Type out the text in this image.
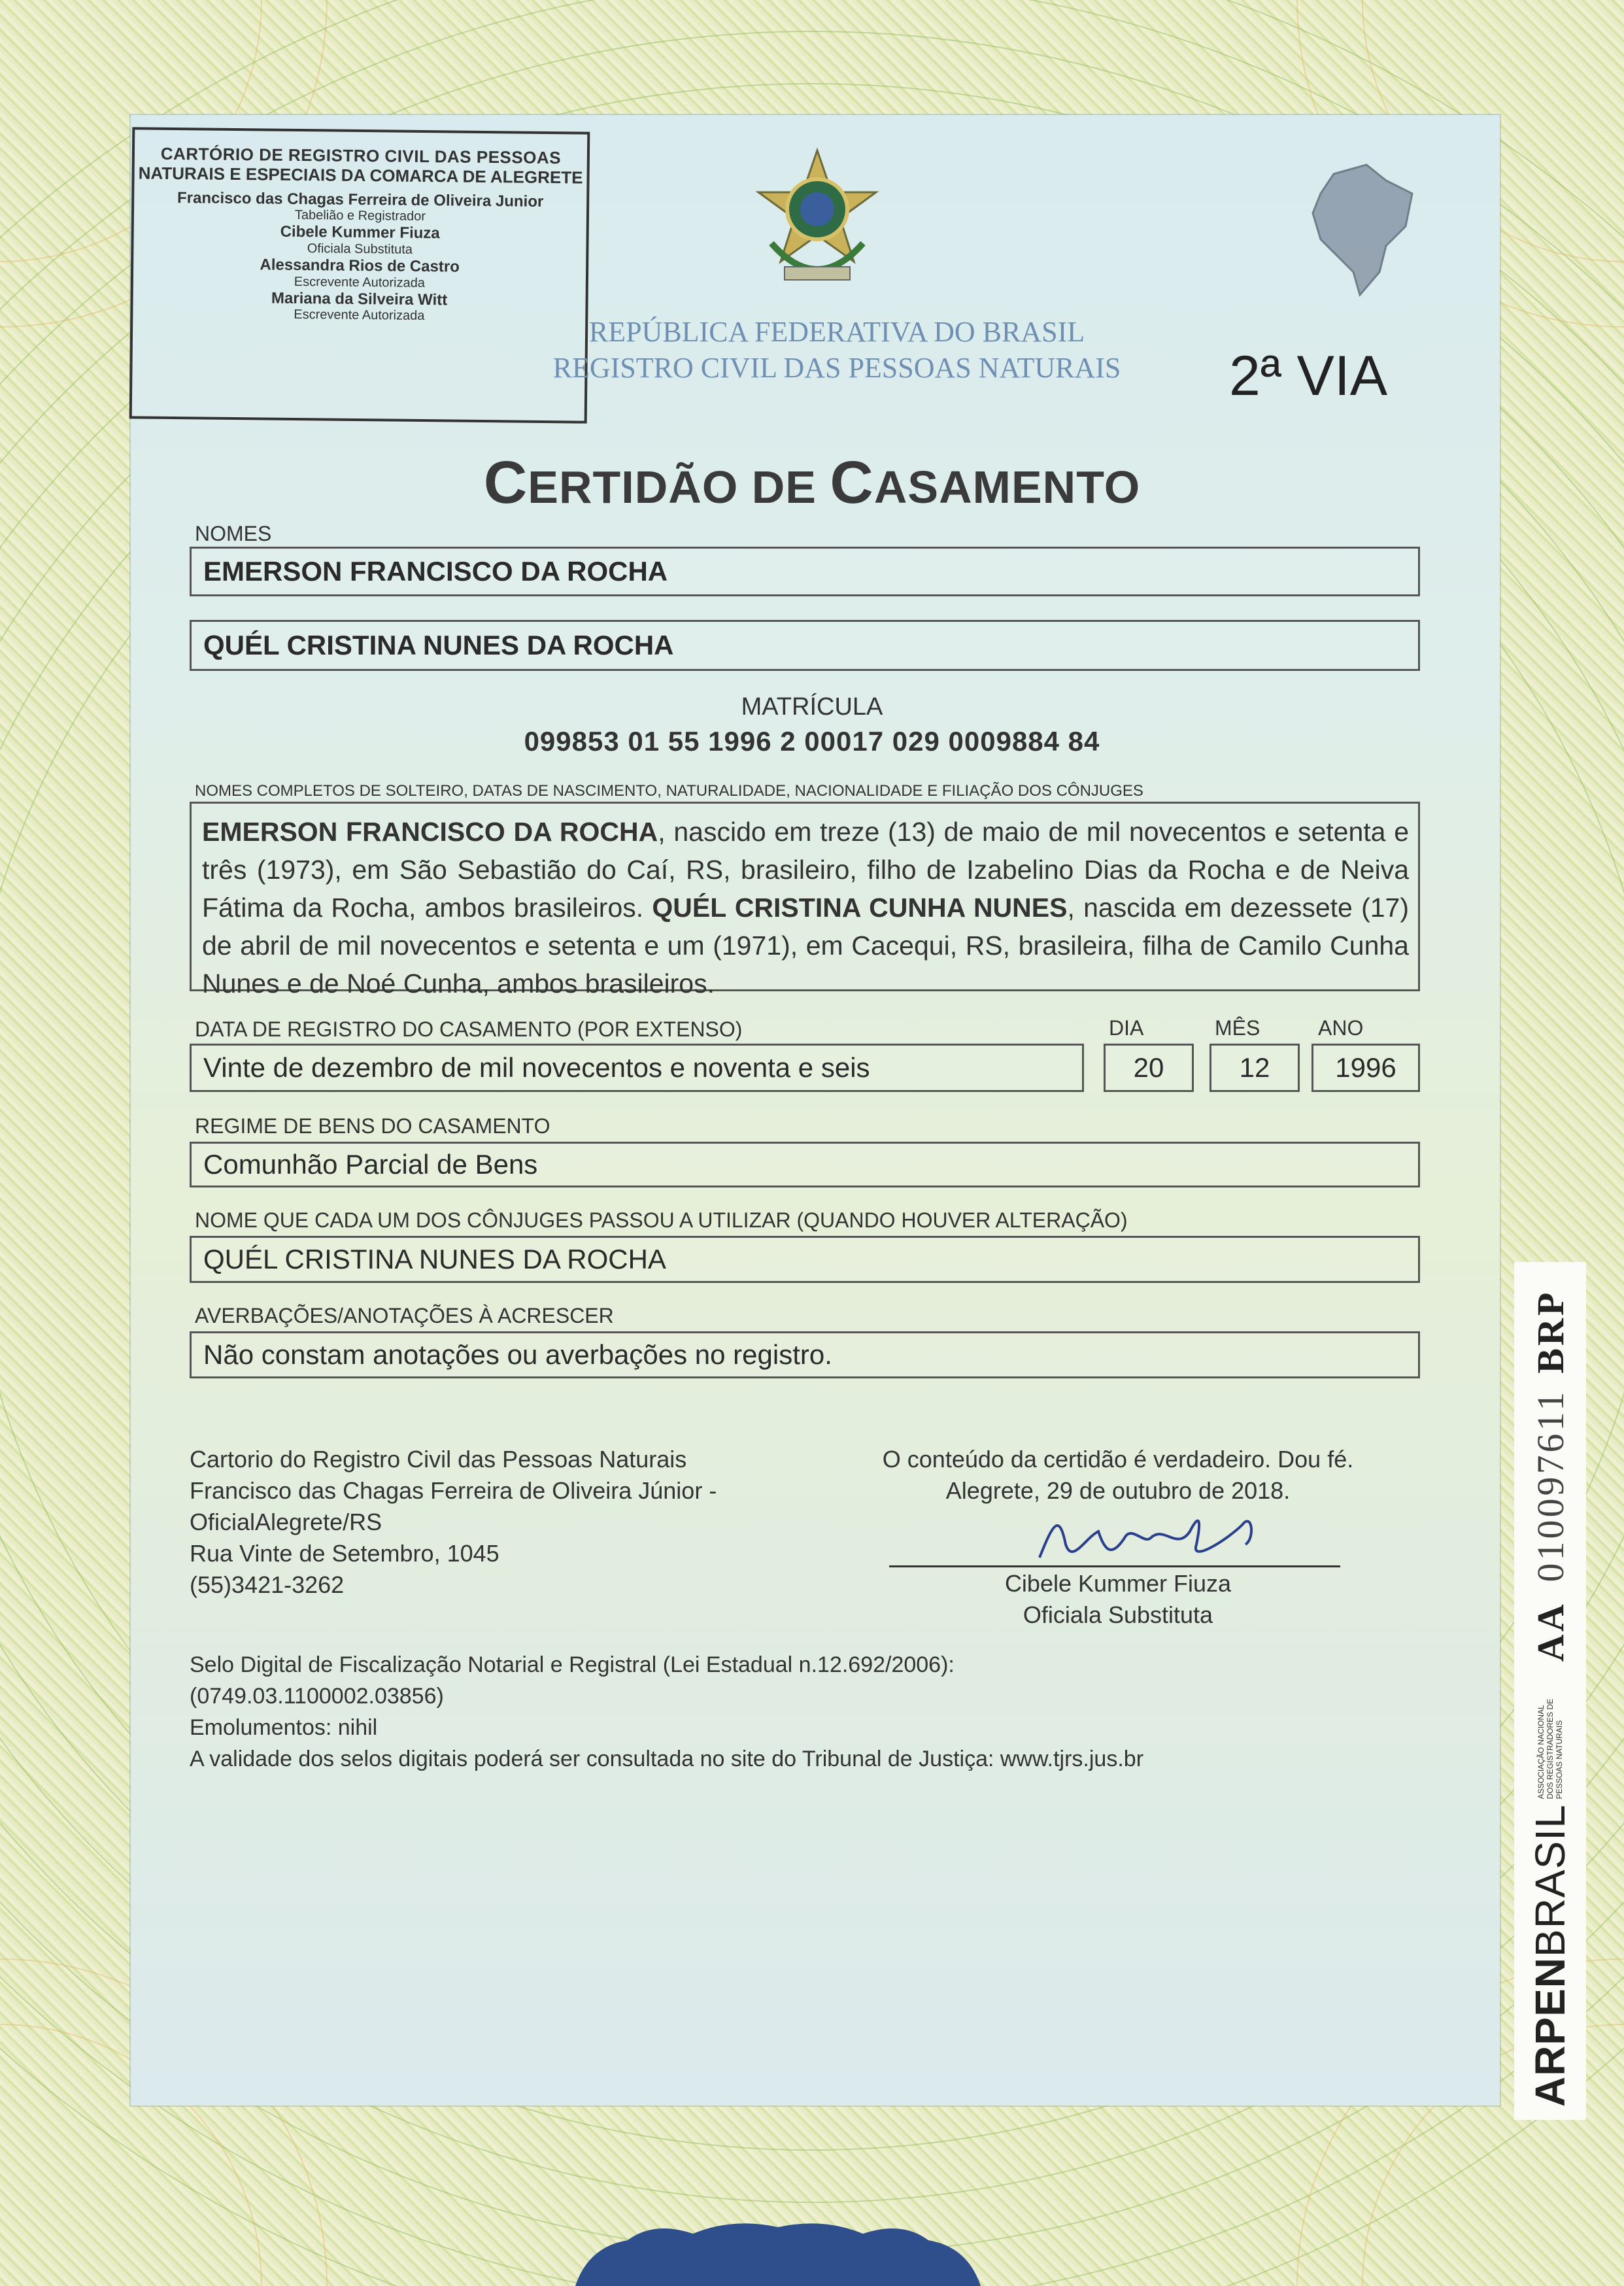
CARTÓRIO DE REGISTRO CIVIL DAS PESSOAS
NATURAIS E ESPECIAIS DA COMARCA DE ALEGRETE
Francisco das Chagas Ferreira de Oliveira Junior
Tabelião e Registrador
Cibele Kummer Fiuza
Oficiala Substituta
Alessandra Rios de Castro
Escrevente Autorizada
Mariana da Silveira Witt
Escrevente Autorizada
REPÚBLICA FEDERATIVA DO BRASIL
REGISTRO CIVIL DAS PESSOAS NATURAIS	2ª VIA
CERTIDÃO DE CASAMENTO
NOMES
EMERSON FRANCISCO DA ROCHA
QUÉL CRISTINA NUNES DA ROCHA
MATRÍCULA
099853 01 55 1996 2 00017 029 0009884 84
NOMES COMPLETOS DE SOLTEIRO, DATAS DE NASCIMENTO, NATURALIDADE, NACIONALIDADE E FILIAÇÃO DOS CÔNJUGES
EMERSON FRANCISCO DA ROCHA, nascido em treze (13) de maio de mil novecentos e setenta e três (1973), em São Sebastião do Caí, RS, brasileiro, filho de Izabelino Dias da Rocha e de Neiva Fátima da Rocha, ambos brasileiros. QUÉL CRISTINA CUNHA NUNES, nascida em dezessete (17) de abril de mil novecentos e setenta e um (1971), em Cacequi, RS, brasileira, filha de Camilo Cunha Nunes e de Noé Cunha, ambos brasileiros.
DATA DE REGISTRO DO CASAMENTO (POR EXTENSO)	DIA	MÊS	ANO
Vinte de dezembro de mil novecentos e noventa e seis	20	12	1996
REGIME DE BENS DO CASAMENTO
Comunhão Parcial de Bens
NOME QUE CADA UM DOS CÔNJUGES PASSOU A UTILIZAR (QUANDO HOUVER ALTERAÇÃO)
QUÉL CRISTINA NUNES DA ROCHA
AVERBAÇÕES/ANOTAÇÕES À ACRESCER
Não constam anotações ou averbações no registro.
Cartorio do Registro Civil das Pessoas Naturais
Francisco das Chagas Ferreira de Oliveira Júnior -
OficialAlegrete/RS
Rua Vinte de Setembro, 1045
(55)3421-3262
O conteúdo da certidão é verdadeiro. Dou fé.
Alegrete, 29 de outubro de 2018.
Cibele Kummer Fiuza
Oficiala Substituta
Selo Digital de Fiscalização Notarial e Registral (Lei Estadual n.12.692/2006):
(0749.03.1100002.03856)
Emolumentos: nihil
A validade dos selos digitais poderá ser consultada no site do Tribunal de Justiça: www.tjrs.jus.br
ARPENBRASIL
ASSOCIAÇÃO NACIONAL DOS REGISTRADORES DE PESSOAS NATURAIS
AA010097611BRP
